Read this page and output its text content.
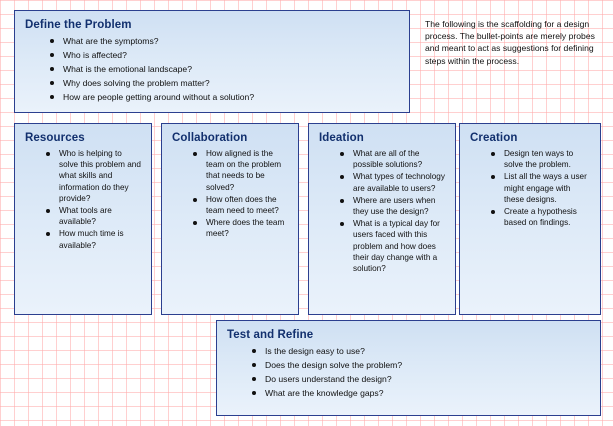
Define the Problem
What are the symptoms?
Who is affected?
What is the emotional landscape?
Why does solving the problem matter?
How are people getting around without a solution?
The following is the scaffolding for a design process. The bullet-points are merely probes and meant to act as suggestions for defining steps within the process.
Resources
Who is helping to solve this problem and what skills and information do they provide?
What tools are available?
How much time is available?
Collaboration
How aligned is the team on the problem that needs to be solved?
How often does the team need to meet?
Where does the team meet?
Ideation
What are all of the possible solutions?
What types of technology are available to users?
Where are users when they use the design?
What is a typical day for users faced with this problem and how does their day change with a solution?
Creation
Design ten ways to solve the problem.
List all the ways a user might engage with these designs.
Create a hypothesis based on findings.
Test and Refine
Is the design easy to use?
Does the design solve the problem?
Do users understand the design?
What are the knowledge gaps?
